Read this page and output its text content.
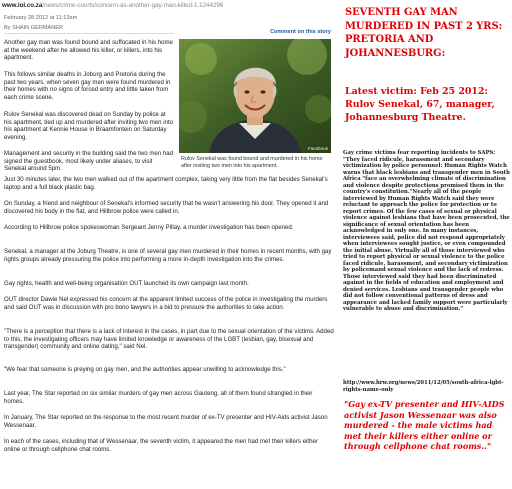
www.iol.co.za/news/crime-courts/concern-as-another-gay-man-killed-1.1244296
February 28 2012 at 11:13am
By SHAIN GERMANER
Comment on this story
Facebook
Rulov Senekal was found bound and murdered in his home after inviting two men into his apartment.
Another gay man was found bound and suffocated in his home at the weekend after he allowed his killer, or killers, into his apartment.
This follows similar deaths in Joburg and Pretoria during the past two years, when seven gay men were found murdered in their homes with no signs of forced entry and little taken from each crime scene.
Rulov Senekal was discovered dead on Sunday by police at his apartment, tied up and murdered after inviting two men into his apartment at Kennie House in Braamfontein on Saturday evening.
Management and security in the building said the two men had signed the guestbook, most likely under aliases, to visit Senekal around 5pm.
Just 30 minutes later, the two men walked out of the apartment complex, taking very little from the flat besides Senekal's laptop and a full black plastic bag.
On Sunday, a friend and neighbour of Senekal's informed security that he wasn't answering his door. They opened it and discovered his body in the flat, and Hillbrow police were called in.
According to Hillbrow police spokeswoman Sergeant Jenny Pillay, a murder investigation has been opened.
Senekal, a manager at the Joburg Theatre, is one of several gay men murdered in their homes in recent months, with gay rights groups already pressuring the police into performing a more in-depth investigation into the crimes.
Gay rights, health and well-being organisation OUT launched its own campaign last month.
OUT director Dawie Nel expressed his concern at the apparent limited success of the police in investigating the murders and said OUT was in discussion with pro bono lawyers in a bid to pressure the authorities to take action.
"There is a perception that there is a lack of interest in the cases, in part due to the sexual orientation of the victims. Added to this, the investigating officers may have limited knowledge or awareness of the LGBT (lesbian, gay, bisexual and transgender) community and online dating," said Nel.
"We fear that someone is preying on gay men, and the authorities appear unwilling to acknowledge this."
Last year, The Star reported on six similar murders of gay men across Gauteng, all of them found strangled in their homes.
In January, The Star reported on the response to the most recent murder of ex-TV presenter and HIV-Aids activist Jason Wessenaar.
In each of the cases, including that of Wessenaar, the seventh victim, it appeared the men had met their killers either online or through cellphone chat rooms.
SEVENTH GAY MAN MURDERED IN PAST 2 YRS: PRETORIA AND JOHANNESBURG:
Latest victim: Feb 25 2012: Rulov Senekal, 67, manager, Johannesburg Theatre.
Gay crime victims fear reporting incidents to SAPS: "They faced ridicule, harassment and secondary victimization by police personnel: Human Rights Watch warns that black lesbians and transgender men in South Africa "face an overwhelming climate of discrimination and violence despite protections promised them in the country's constitution."Nearly all of the people interviewed by Human Rights Watch said they were reluctant to approach the police for protection or to report crimes. Of the few cases of sexual or physical violence against lesbians that have been prosecuted, the significance of sexual orientation has been acknowledged in only one. In many instances, interviewees said, police did not respond appropriately when interviewees sought justice, or even compounded the initial abuse. Virtually all of those interviewed who tried to report physical or sexual violence to the police faced ridicule, harassment, and secondary victimization by policemand sexual violence and the lack of redress. Those interviewed said they had been discriminated against in the fields of education and employment and denied services. Lesbians and transgender people who did not follow conventional patterns of dress and appearance and lacked family support were particularly vulnerable to abuse and discrimination."
http://www.hrw.org/news/2011/12/05/south-africa-lgbt-rights-name-only
"Gay ex-TV presenter and HIV-AIDS activist Jason Wessenaar was also murdered - the male victims had met their killers either online or through cellphone chat rooms.."
